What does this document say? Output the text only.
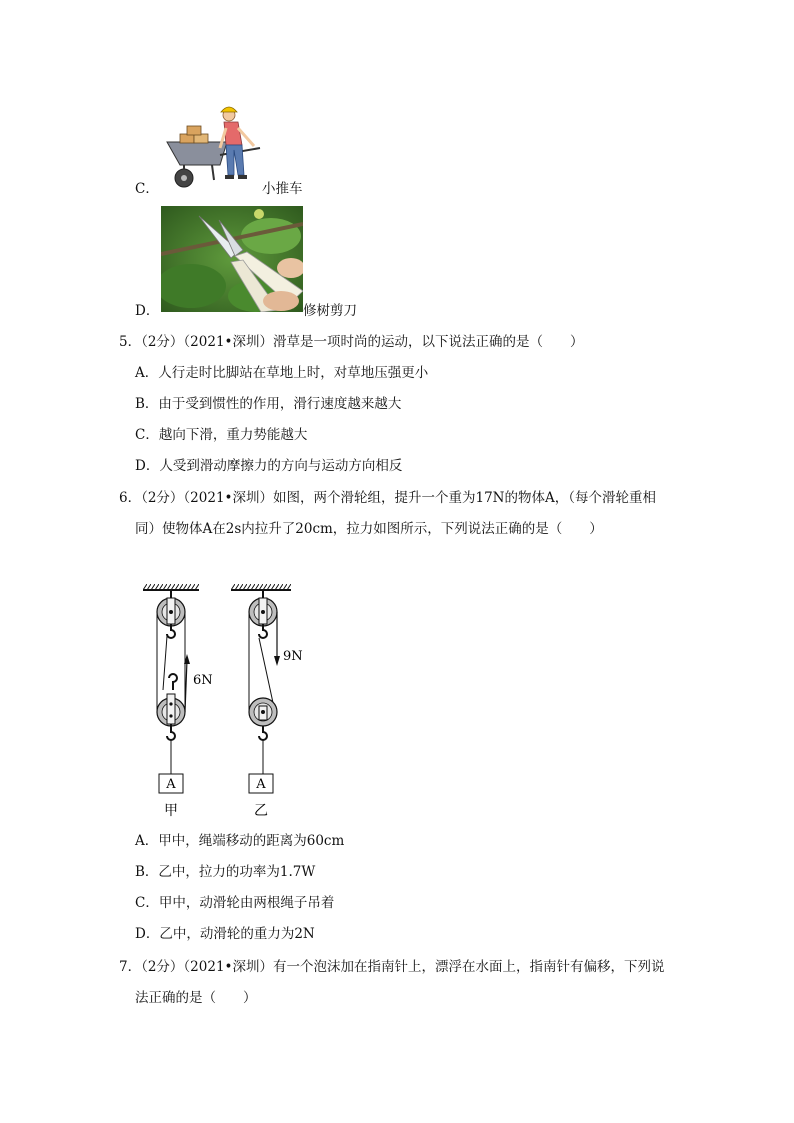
C．	小推车
D．	修树剪刀
5．（2分）（2021•深圳）滑草是一项时尚的运动，以下说法正确的是（　　）
A．人行走时比脚站在草地上时，对草地压强更小
B．由于受到惯性的作用，滑行速度越来越大
C．越向下滑，重力势能越大
D．人受到滑动摩擦力的方向与运动方向相反
6．（2分）（2021•深圳）如图，两个滑轮组，提升一个重为17N的物体A，（每个滑轮重相
同）使物体A在2s内拉升了20cm，拉力如图所示，下列说法正确的是（　　）
6N
9N
A	A
甲	乙
A．甲中，绳端移动的距离为60cm
B．乙中，拉力的功率为1.7W
C．甲中，动滑轮由两根绳子吊着
D．乙中，动滑轮的重力为2N
7．（2分）（2021•深圳）有一个泡沫加在指南针上，漂浮在水面上，指南针有偏移，下列说
法正确的是（　　）
